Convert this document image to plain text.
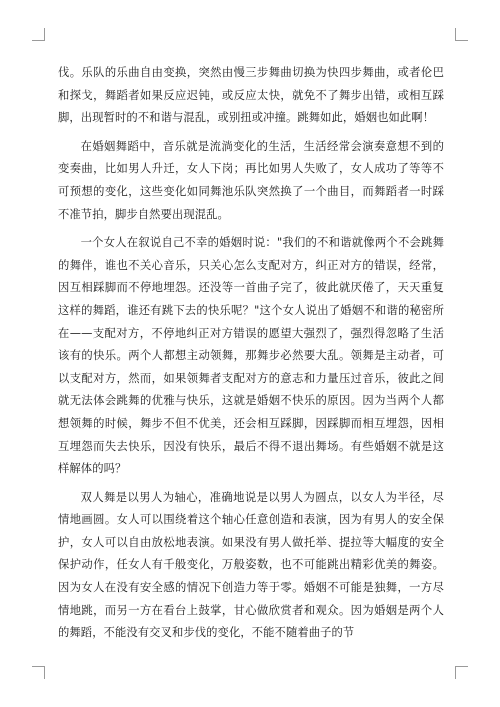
伐。乐队的乐曲自由变换，突然由慢三步舞曲切换为快四步舞曲，或者伦巴和探戈，舞蹈者如果反应迟钝，或反应太快，就免不了舞步出错，或相互踩脚，出现暂时的不和谐与混乱，或别扭或冲撞。跳舞如此，婚姻也如此啊！

在婚姻舞蹈中，音乐就是流淌变化的生活，生活经常会演奏意想不到的变奏曲，比如男人升迁，女人下岗；再比如男人失败了，女人成功了等等不可预想的变化，这些变化如同舞池乐队突然换了一个曲目，而舞蹈者一时踩不准节拍，脚步自然要出现混乱。

一个女人在叙说自己不幸的婚姻时说："我们的不和谐就像两个不会跳舞的舞伴，谁也不关心音乐，只关心怎么支配对方，纠正对方的错误，经常，因互相踩脚而不停地埋怨。还没等一首曲子完了，彼此就厌倦了，天天重复这样的舞蹈，谁还有跳下去的快乐呢？"这个女人说出了婚姻不和谐的秘密所在——支配对方，不停地纠正对方错误的愿望大强烈了，强烈得忽略了生活该有的快乐。两个人都想主动领舞，那舞步必然要大乱。领舞是主动者，可以支配对方，然而，如果领舞者支配对方的意志和力量压过音乐，彼此之间就无法体会跳舞的优雅与快乐，这就是婚姻不快乐的原因。因为当两个人都想领舞的时候，舞步不但不优美，还会相互踩脚，因踩脚而相互埋怨，因相互埋怨而失去快乐，因没有快乐，最后不得不退出舞场。有些婚姻不就是这样解体的吗？

双人舞是以男人为轴心，准确地说是以男人为圆点，以女人为半径，尽情地画圆。女人可以围绕着这个轴心任意创造和表演，因为有男人的安全保护，女人可以自由放松地表演。如果没有男人做托举、提拉等大幅度的安全保护动作，任女人有千般变化，万般姿数，也不可能跳出精彩优美的舞姿。因为女人在没有安全感的情况下创造力等于零。婚姻不可能是独舞，一方尽情地跳，而另一方在看台上鼓掌，甘心做欣赏者和观众。因为婚姻是两个人的舞蹈，不能没有交叉和步伐的变化，不能不随着曲子的节
